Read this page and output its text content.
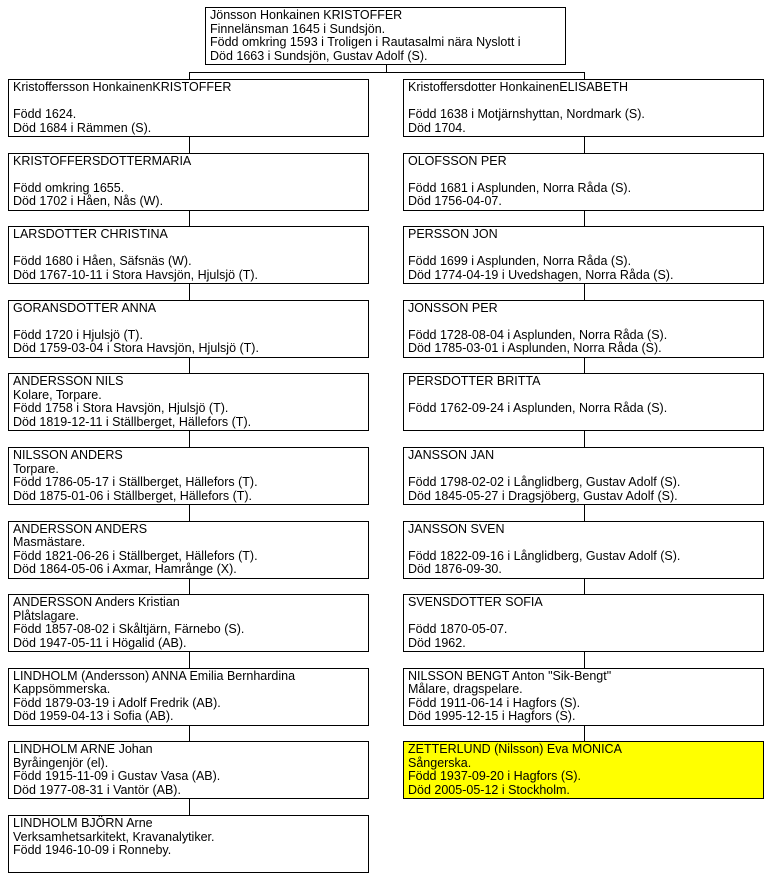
Jönsson Honkainen KRISTOFFER
Finnelänsman 1645 i Sundsjön.
Född omkring 1593 i Troligen i Rautasalmi nära Nyslott i
Död 1663 i Sundsjön, Gustav Adolf (S).
Kristoffersson HonkainenKRISTOFFER
Född 1624.
Död 1684 i Rämmen (S).
KRISTOFFERSDOTTERMARIA
Född omkring 1655.
Död 1702 i Håen, Nås (W).
LARSDOTTER CHRISTINA
Född 1680 i Håen, Säfsnäs (W).
Död 1767-10-11 i Stora Havsjön, Hjulsjö (T).
GORANSDOTTER ANNA
Född 1720 i Hjulsjö (T).
Död 1759-03-04 i Stora Havsjön, Hjulsjö (T).
ANDERSSON NILS
Kolare, Torpare.
Född 1758 i Stora Havsjön, Hjulsjö (T).
Död 1819-12-11 i Ställberget, Hällefors (T).
NILSSON ANDERS
Torpare.
Född 1786-05-17 i Ställberget, Hällefors (T).
Död 1875-01-06 i Ställberget, Hällefors (T).
ANDERSSON ANDERS
Masmästare.
Född 1821-06-26 i Ställberget, Hällefors (T).
Död 1864-05-06 i Axmar, Hamrånge (X).
ANDERSSON Anders Kristian
Plåtslagare.
Född 1857-08-02 i Skåltjärn, Färnebo (S).
Död 1947-05-11 i Högalid (AB).
LINDHOLM (Andersson) ANNA Emilia Bernhardina
Kappsömmerska.
Född 1879-03-19 i Adolf Fredrik (AB).
Död 1959-04-13 i Sofia (AB).
LINDHOLM ARNE Johan
Byråingenjör (el).
Född 1915-11-09 i Gustav Vasa (AB).
Död 1977-08-31 i Vantör (AB).
LINDHOLM BJÖRN Arne
Verksamhetsarkitekt, Kravanalytiker.
Född 1946-10-09 i Ronneby.
Kristoffersdotter HonkainenELISABETH
Född 1638 i Motjärnshyttan, Nordmark (S).
Död 1704.
OLOFSSON PER
Född 1681 i Asplunden, Norra Råda (S).
Död 1756-04-07.
PERSSON JON
Född 1699 i Asplunden, Norra Råda (S).
Död 1774-04-19 i Uvedshagen, Norra Råda (S).
JONSSON PER
Född 1728-08-04 i Asplunden, Norra Råda (S).
Död 1785-03-01 i Asplunden, Norra Råda (S).
PERSDOTTER BRITTA
Född 1762-09-24 i Asplunden, Norra Råda (S).
JANSSON JAN
Född 1798-02-02 i Långlidberg, Gustav Adolf (S).
Död 1845-05-27 i Dragsjöberg, Gustav Adolf (S).
JANSSON SVEN
Född 1822-09-16 i Långlidberg, Gustav Adolf (S).
Död 1876-09-30.
SVENSDOTTER SOFIA
Född 1870-05-07.
Död 1962.
NILSSON BENGT Anton "Sik-Bengt"
Målare, dragspelare.
Född 1911-06-14 i Hagfors (S).
Död 1995-12-15 i Hagfors (S).
ZETTERLUND (Nilsson) Eva MONICA
Sångerska.
Född 1937-09-20 i Hagfors (S).
Död 2005-05-12 i Stockholm.
